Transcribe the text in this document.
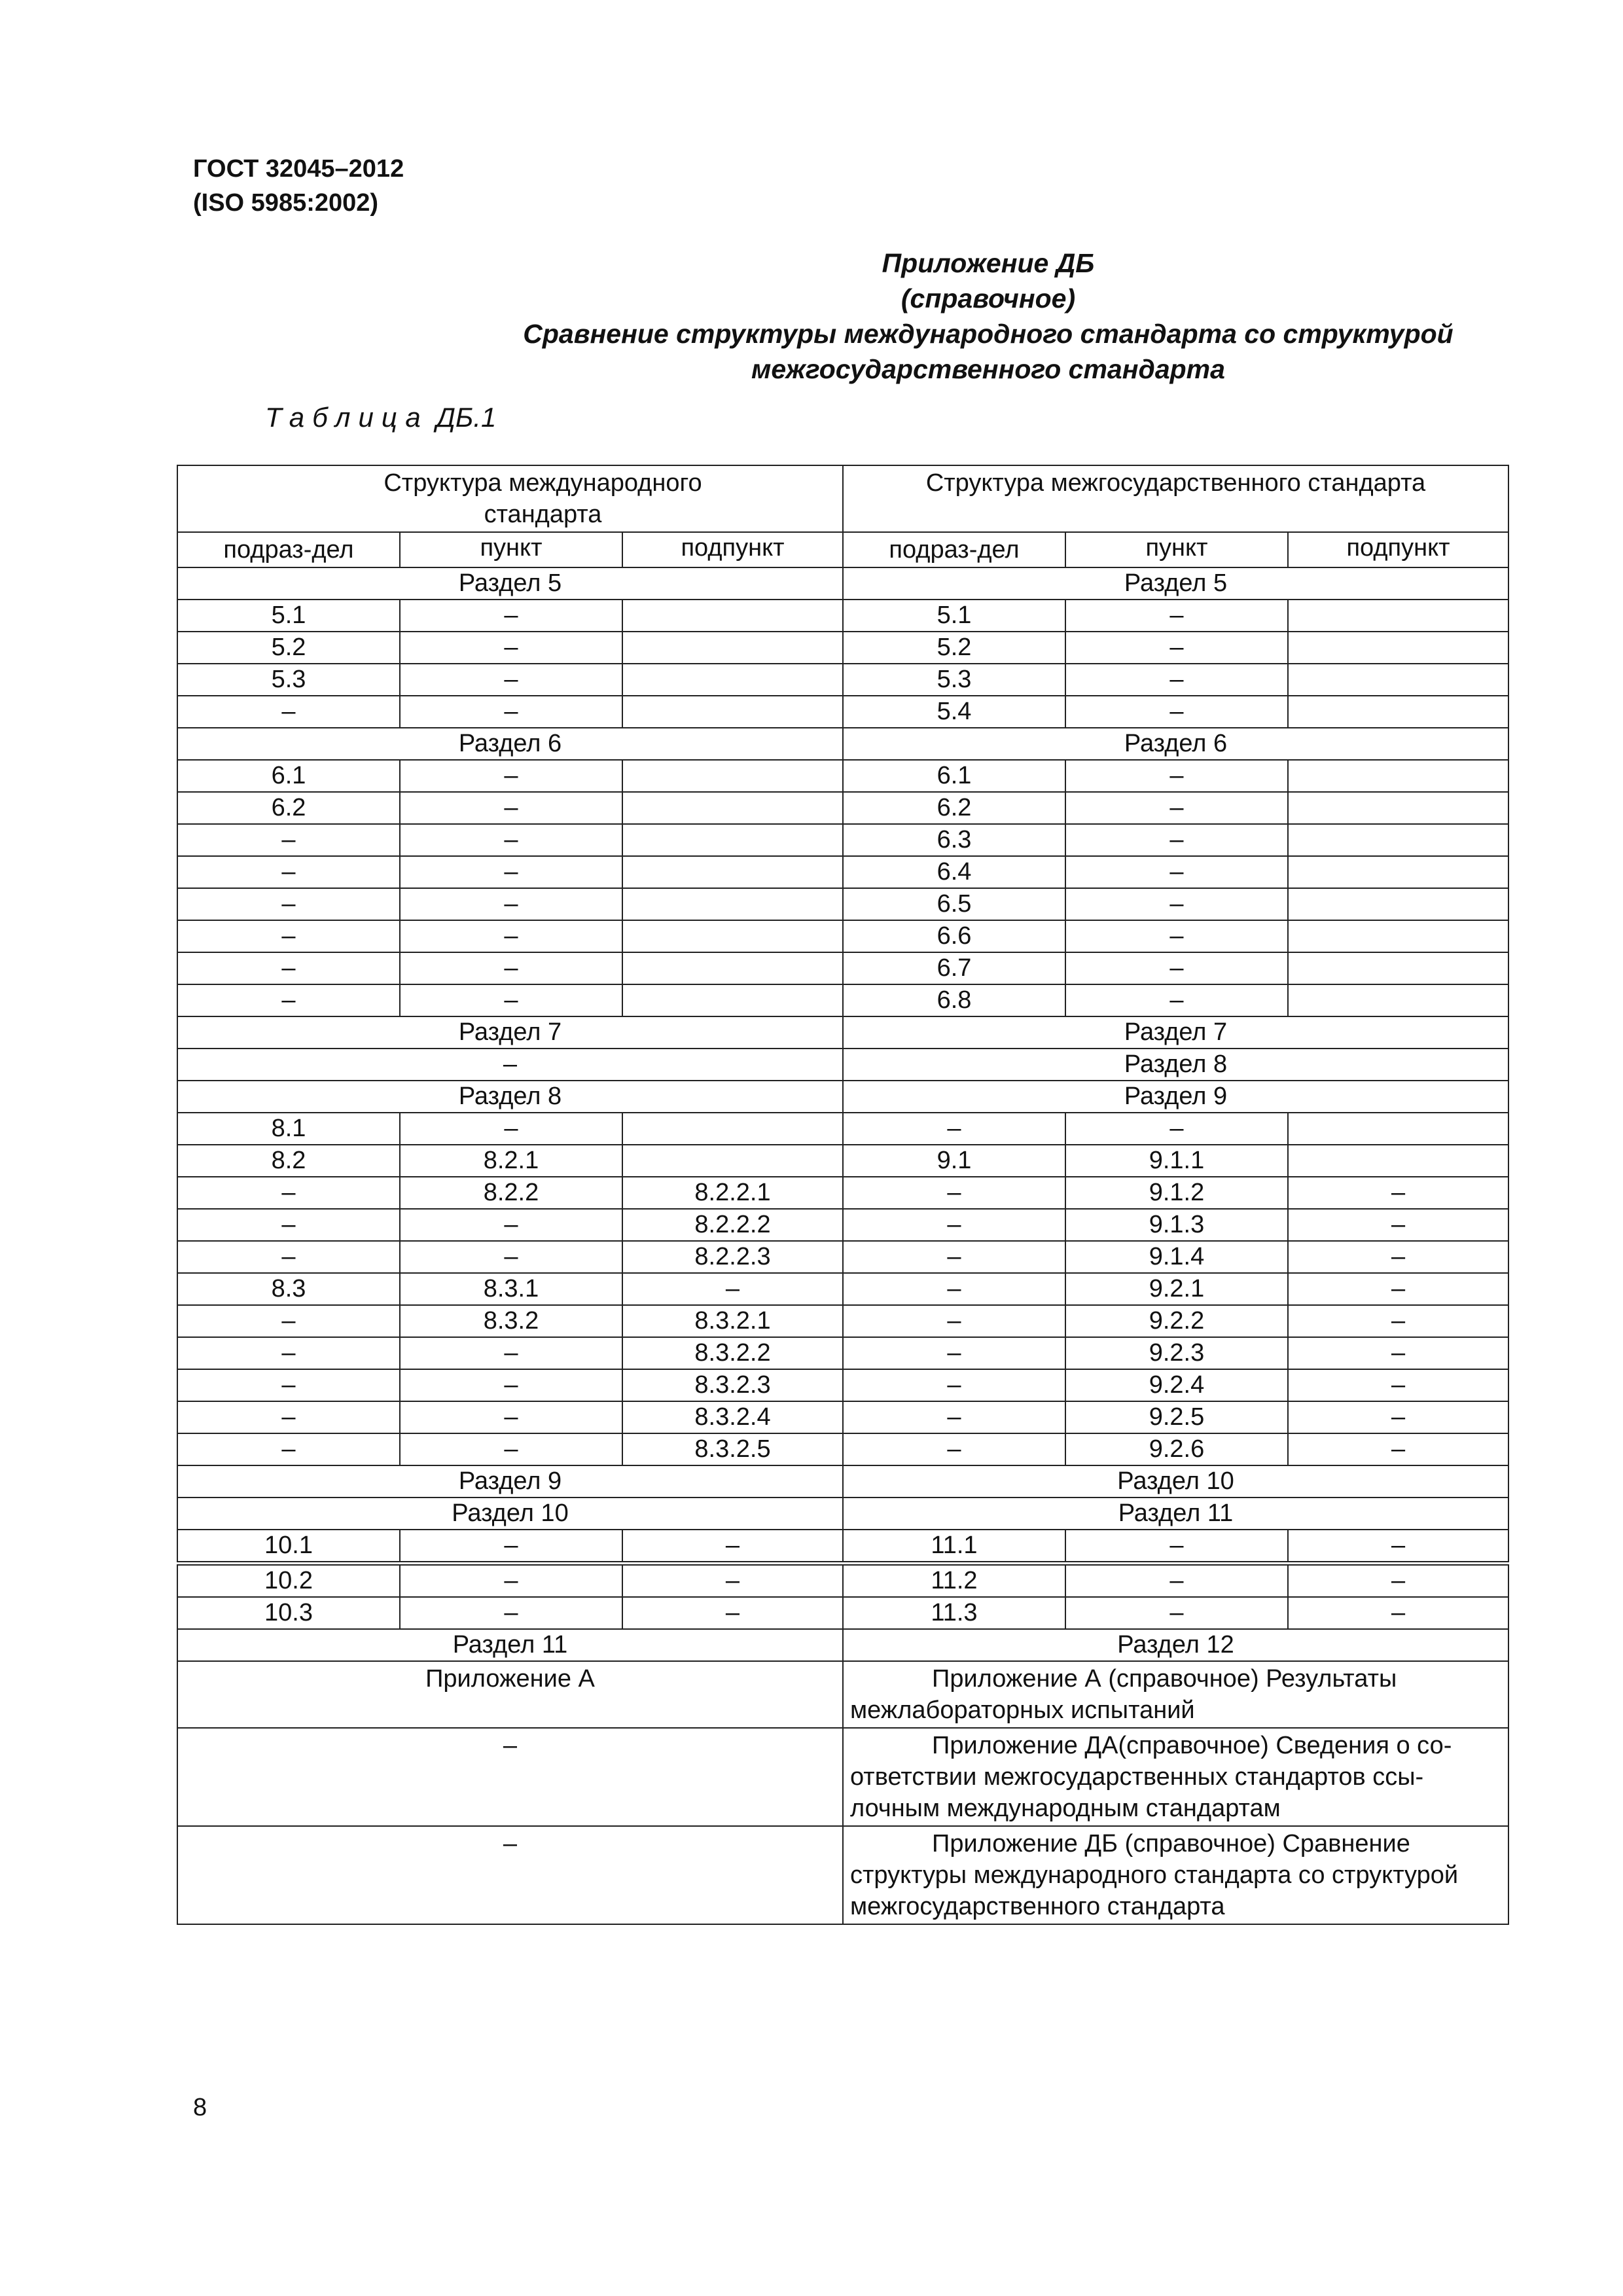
ГОСТ 32045–2012
(ISO 5985:2002)
Приложение ДБ
(справочное)
Сравнение структуры международного стандарта со структурой
межгосударственного стандарта
Таблица ДБ.1
Структура международного стандарта			Структура межгосударственного стандарта		
подраз-дел	пункт	подпункт	подраз-дел	пункт	подпункт
Раздел 5			Раздел 5		
5.1	–		5.1	–	
5.2	–		5.2	–	
5.3	–		5.3	–	
–	–		5.4	–	
Раздел 6			Раздел 6		
6.1	–		6.1	–	
6.2	–		6.2	–	
–	–		6.3	–	
–	–		6.4	–	
–	–		6.5	–	
–	–		6.6	–	
–	–		6.7	–	
–	–		6.8	–	
Раздел 7			Раздел 7		
–			Раздел 8		
Раздел 8			Раздел 9		
8.1	–		–	–	
8.2	8.2.1		9.1	9.1.1	
–	8.2.2	8.2.2.1	–	9.1.2	–
–	–	8.2.2.2	–	9.1.3	–
–	–	8.2.2.3	–	9.1.4	–
8.3	8.3.1	–	–	9.2.1	–
–	8.3.2	8.3.2.1	–	9.2.2	–
–	–	8.3.2.2	–	9.2.3	–
–	–	8.3.2.3	–	9.2.4	–
–	–	8.3.2.4	–	9.2.5	–
–	–	8.3.2.5	–	9.2.6	–
Раздел 9			Раздел 10		
Раздел 10			Раздел 11		
10.1	–	–	11.1	–	–
10.2	–	–	11.2	–	–
10.3	–	–	11.3	–	–
Раздел 11			Раздел 12		
Приложение А			Приложение А (справочное) Результаты межлабораторных испытаний		
–			Приложение ДА(справочное) Сведения о со-ответствии межгосударственных стандартов ссы-лочным международным стандартам		
–			Приложение ДБ (справочное) Сравнение структуры международного стандарта со структурой межгосударственного стандарта		
8
